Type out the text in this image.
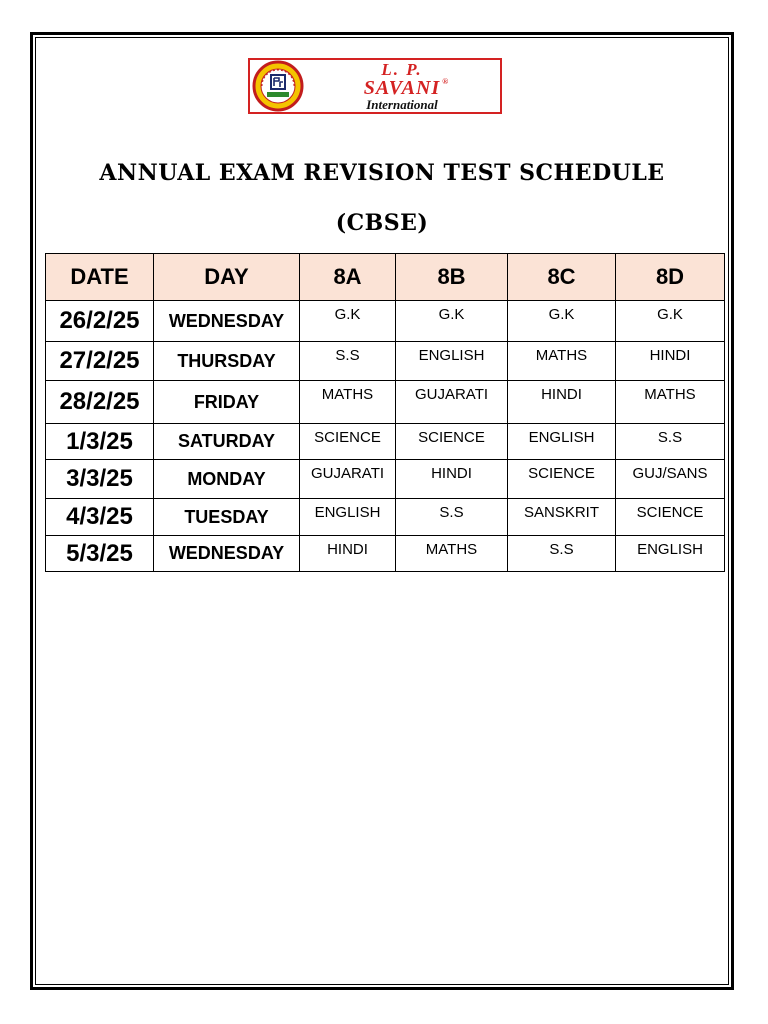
L. P.
SAVANI ®
International
ANNUAL EXAM REVISION TEST SCHEDULE
(CBSE)
DATE	DAY	8A	8B	8C	8D
26/2/25	WEDNESDAY	G.K	G.K	G.K	G.K
27/2/25	THURSDAY	S.S	ENGLISH	MATHS	HINDI
28/2/25	FRIDAY	MATHS	GUJARATI	HINDI	MATHS
1/3/25	SATURDAY	SCIENCE	SCIENCE	ENGLISH	S.S
3/3/25	MONDAY	GUJARATI	HINDI	SCIENCE	GUJ/SANS
4/3/25	TUESDAY	ENGLISH	S.S	SANSKRIT	SCIENCE
5/3/25	WEDNESDAY	HINDI	MATHS	S.S	ENGLISH
